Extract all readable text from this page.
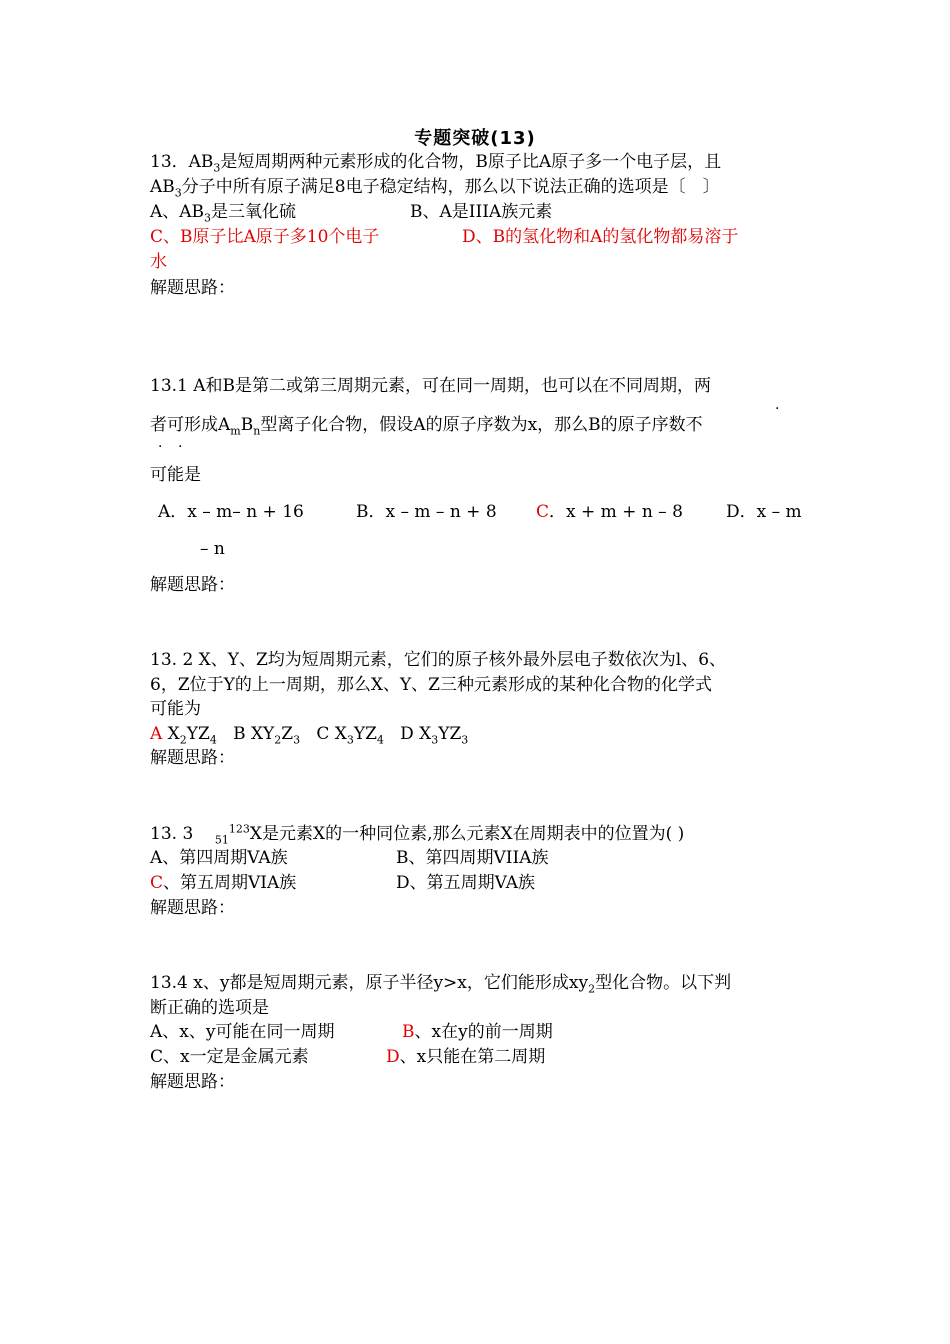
专题突破(13)
13．$AB_3$是短周期两种元素形成的化合物，B原子比A原子多一个电子层，且
$AB_3$分子中所有原子满足8电子稳定结构，那么以下说法正确的选项是〔　〕
A、$AB_3$是三氧化硫	B、A是IIIA族元素
C、B原子比A原子多10个电子	D、B的氢化物和A的氢化物都易溶于
水
解题思路：
13.1 A和B是第二或第三周期元素，可在同一周期，也可以在不同周期，两
·
者可形成$A_mB_n$型离子化合物，假设A的原子序数为x，那么B的原子序数不
· ·
可能是
A．x – m– n + 16	B．x – m – n + 8 C．x + m + n – 8	D．x – m
– n
解题思路：
13. 2 X、Y、Z均为短周期元素，它们的原子核外最外层电子数依次为l、6、
6，Z位于Y的上一周期，那么X、Y、Z三种元素形成的某种化合物的化学式
可能为
A $X_2YZ_4$ B $XY_2Z_3$ C $X_3YZ_4$ D $X_3YZ_3$
解题思路：
13. 3 $_{51}^{123}$X是元素X的一种同位素,那么元素X在周期表中的位置为( )
A、第四周期VA族	B、第四周期VIIA族
C、第五周期VIA族	D、第五周期VA族
解题思路：
13.4 x、y都是短周期元素，原子半径y>x，它们能形成$xy_2$型化合物。以下判
断正确的选项是
A、x、y可能在同一周期	B、x在y的前一周期
C、x一定是金属元素	D、x只能在第二周期
解题思路：
